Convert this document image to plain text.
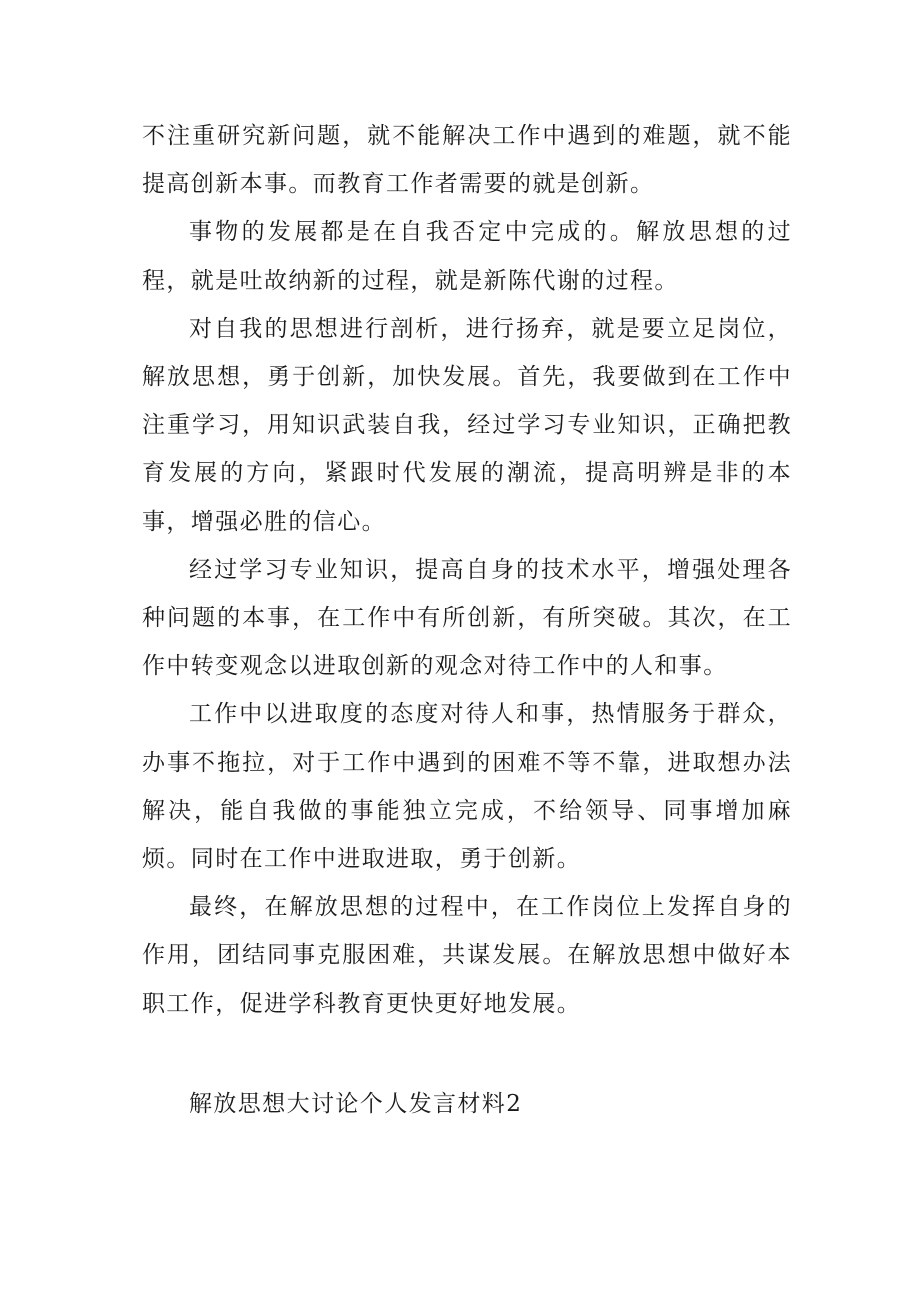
不注重研究新问题，就不能解决工作中遇到的难题，就不能提高创新本事。而教育工作者需要的就是创新。

事物的发展都是在自我否定中完成的。解放思想的过程，就是吐故纳新的过程，就是新陈代谢的过程。

对自我的思想进行剖析，进行扬弃，就是要立足岗位，解放思想，勇于创新，加快发展。首先，我要做到在工作中注重学习，用知识武装自我，经过学习专业知识，正确把教育发展的方向，紧跟时代发展的潮流，提高明辨是非的本事，增强必胜的信心。

经过学习专业知识，提高自身的技术水平，增强处理各种问题的本事，在工作中有所创新，有所突破。其次，在工作中转变观念以进取创新的观念对待工作中的人和事。

工作中以进取度的态度对待人和事，热情服务于群众，办事不拖拉，对于工作中遇到的困难不等不靠，进取想办法解决，能自我做的事能独立完成，不给领导、同事增加麻烦。同时在工作中进取进取，勇于创新。

最终，在解放思想的过程中，在工作岗位上发挥自身的作用，团结同事克服困难，共谋发展。在解放思想中做好本职工作，促进学科教育更快更好地发展。

解放思想大讨论个人发言材料2
